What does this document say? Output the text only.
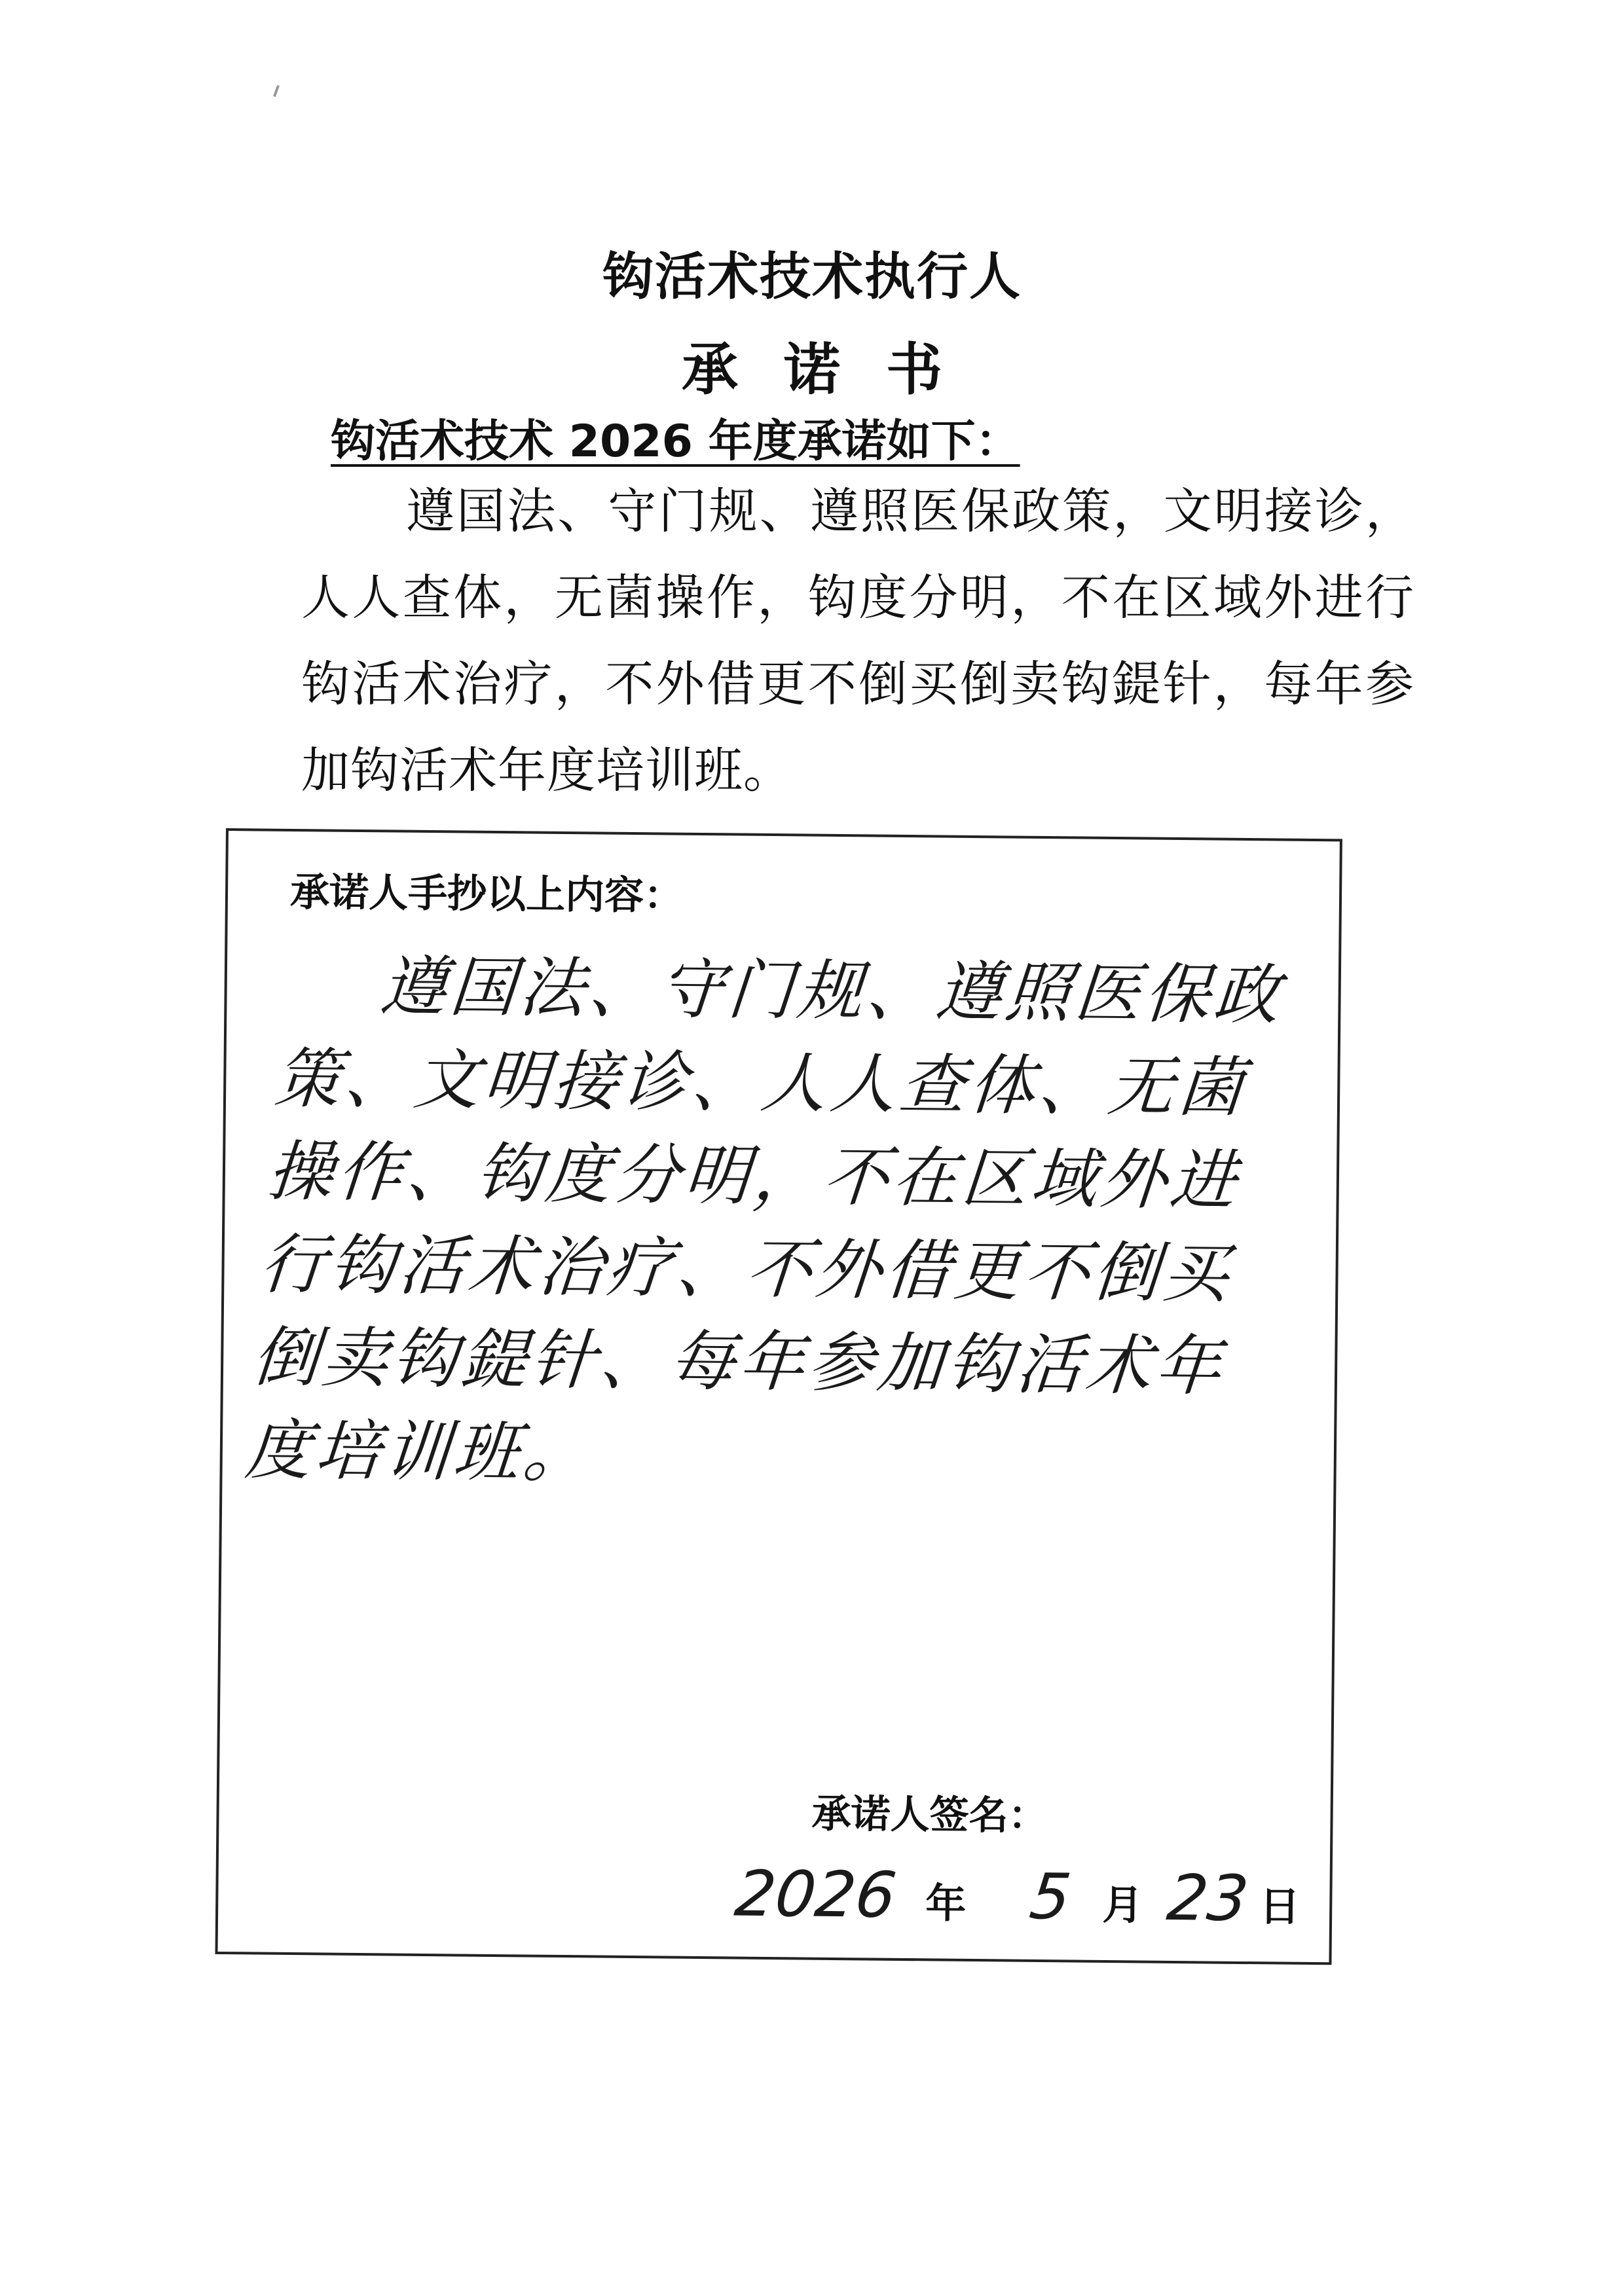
钩活术技术执行人
承诺书
钩活术技术 2026 年度承诺如下：
遵国法、守门规、遵照医保政策，文明接诊，人人查体，无菌操作，钩度分明，不在区域外进行钩活术治疗，不外借更不倒买倒卖钩鍉针，每年参加钩活术年度培训班。
承诺人手抄以上内容：
遵国法、守门规、遵照医保政策、文明接诊、人人查体、无菌操作、钩度分明，不在区域外进行钩活术治疗、不外借更不倒买倒卖钩鍉针、每年参加钩活术年度培训班。
承诺人签名：
2026 年 5 月 23 日
